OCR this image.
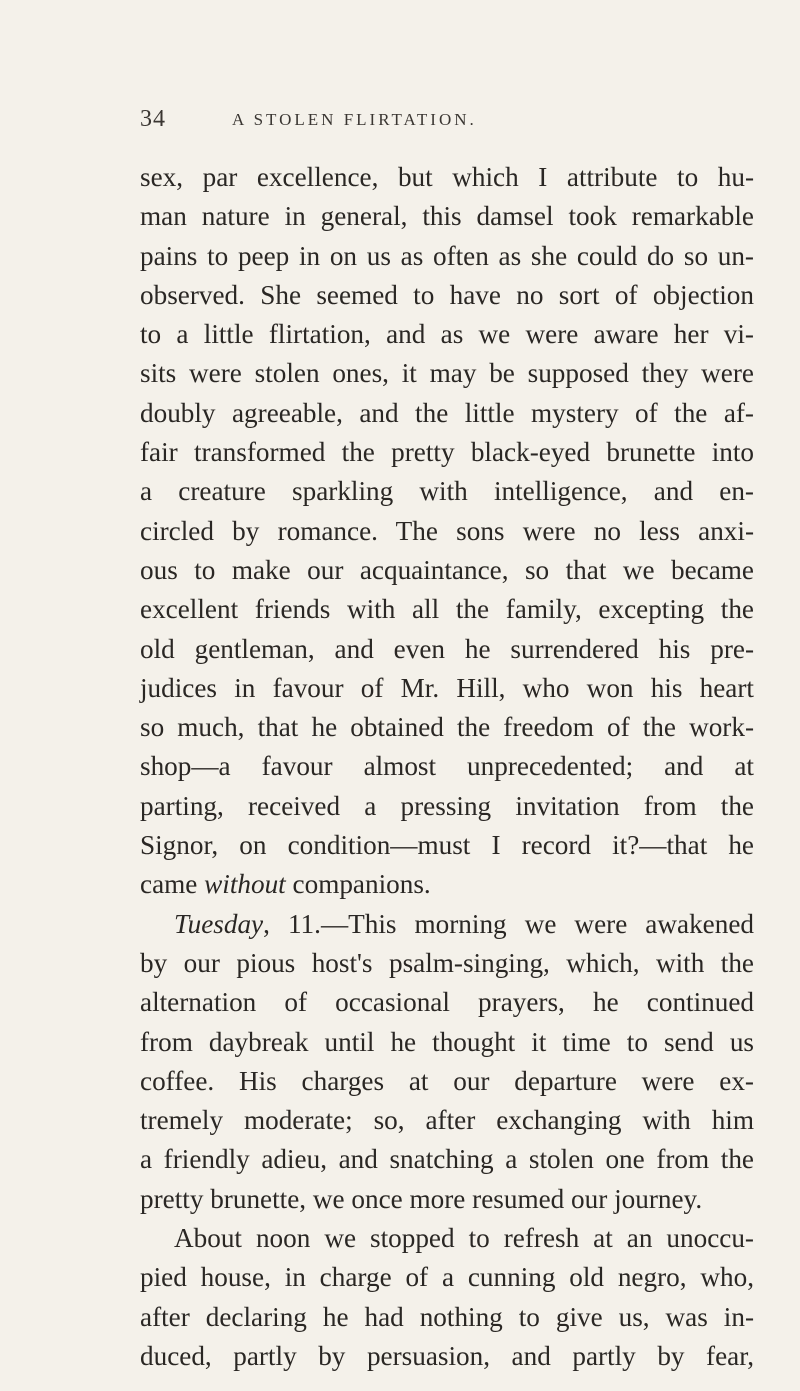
34	A STOLEN FLIRTATION.
sex, par excellence, but which I attribute to hu-
man nature in general, this damsel took remarkable
pains to peep in on us as often as she could do so un-
observed. She seemed to have no sort of objection
to a little flirtation, and as we were aware her vi-
sits were stolen ones, it may be supposed they were
doubly agreeable, and the little mystery of the af-
fair transformed the pretty black-eyed brunette into
a creature sparkling with intelligence, and en-
circled by romance. The sons were no less anxi-
ous to make our acquaintance, so that we became
excellent friends with all the family, excepting the
old gentleman, and even he surrendered his pre-
judices in favour of Mr. Hill, who won his heart
so much, that he obtained the freedom of the work-
shop—a favour almost unprecedented; and at
parting, received a pressing invitation from the
Signor, on condition—must I record it?—that he
came without companions.
Tuesday, 11.—This morning we were awakened
by our pious host's psalm-singing, which, with the
alternation of occasional prayers, he continued
from daybreak until he thought it time to send us
coffee. His charges at our departure were ex-
tremely moderate; so, after exchanging with him
a friendly adieu, and snatching a stolen one from the
pretty brunette, we once more resumed our journey.
About noon we stopped to refresh at an unoccu-
pied house, in charge of a cunning old negro, who,
after declaring he had nothing to give us, was in-
duced, partly by persuasion, and partly by fear,
